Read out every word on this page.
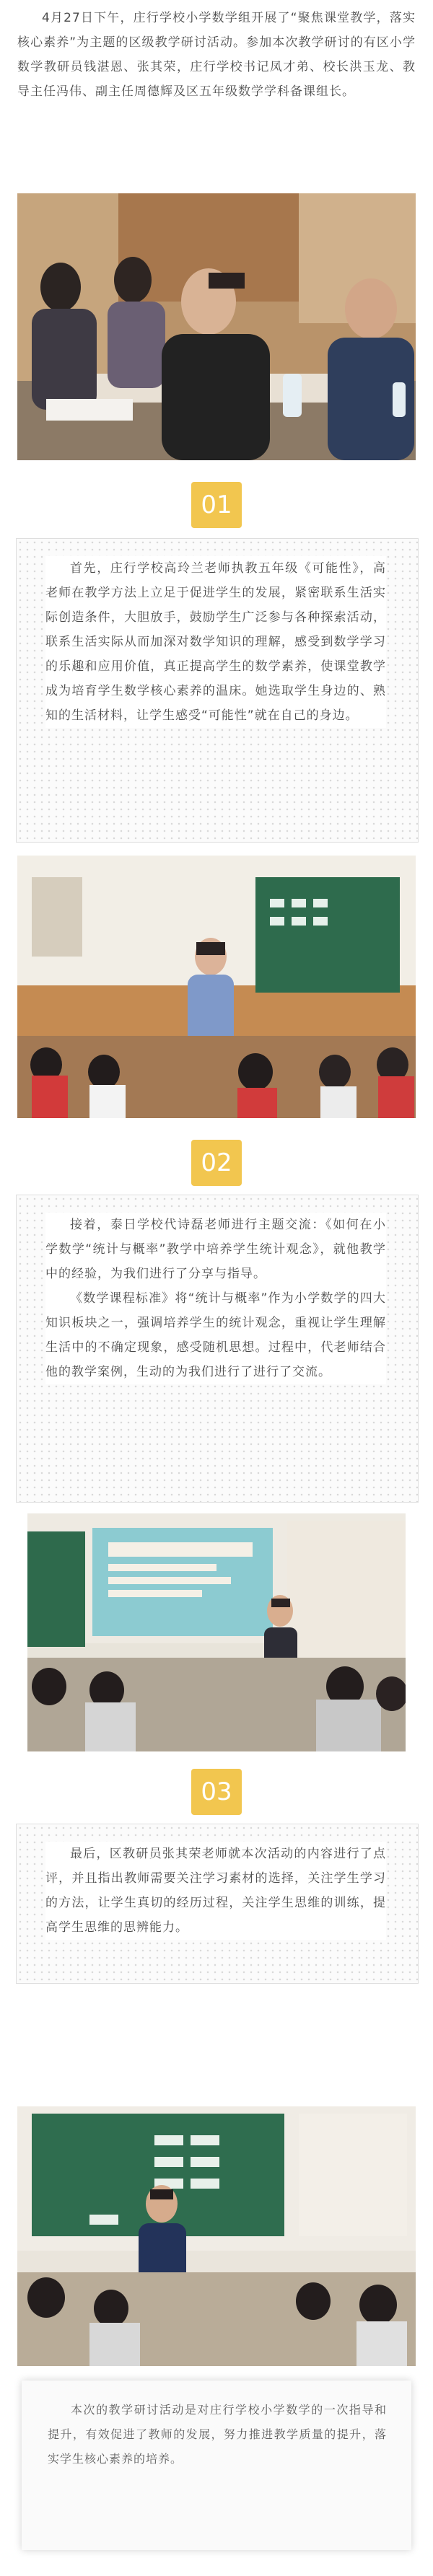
4月27日下午，庄行学校小学数学组开展了“聚焦课堂教学，落实核心素养”为主题的区级教学研讨活动。参加本次教学研讨的有区小学数学教研员钱湛恩、张其荣，庄行学校书记凤才弟、校长洪玉龙、教导主任冯伟、副主任周德辉及区五年级数学学科备课组长。

01

首先，庄行学校高玲兰老师执教五年级《可能性》，高老师在教学方法上立足于促进学生的发展，紧密联系生活实际创造条件，大胆放手，鼓励学生广泛参与各种探索活动，联系生活实际从而加深对数学知识的理解，感受到数学学习的乐趣和应用价值，真正提高学生的数学素养，使课堂教学成为培育学生数学核心素养的温床。她选取学生身边的、熟知的生活材料，让学生感受“可能性”就在自己的身边。

02

接着，泰日学校代诗磊老师进行主题交流：《如何在小学数学“统计与概率”教学中培养学生统计观念》，就他教学中的经验，为我们进行了分享与指导。

《数学课程标准》将“统计与概率”作为小学数学的四大知识板块之一，强调培养学生的统计观念，重视让学生理解生活中的不确定现象，感受随机思想。过程中，代老师结合他的教学案例，生动的为我们进行了进行了交流。

03

最后，区教研员张其荣老师就本次活动的内容进行了点评，并且指出教师需要关注学习素材的选择，关注学生学习的方法，让学生真切的经历过程，关注学生思维的训练，提高学生思维的思辨能力。

本次的教学研讨活动是对庄行学校小学数学的一次指导和提升，有效促进了教师的发展，努力推进教学质量的提升，落实学生核心素养的培养。
